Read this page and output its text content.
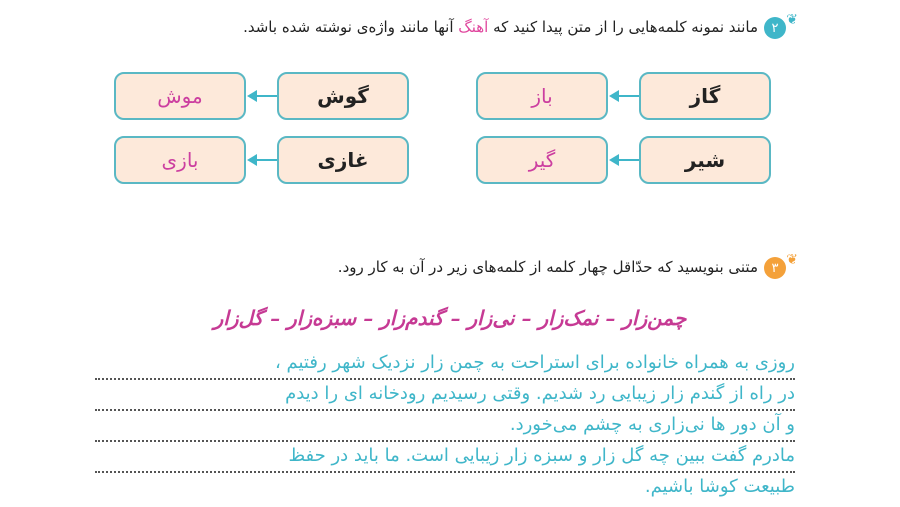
❦
۲
مانند نمونه کلمه‌هایی را از متن پیدا کنید که آهنگ آنها مانند واژه‌ی نوشته شده باشد.
گاز
باز
شیر
گیر
گوش
موش
غازی
بازی
❦
۳
متنی بنویسید که حدّاقل چهار کلمه از کلمه‌های زیر در آن به کار رود.
چمن‌زار – نمک‌زار – نی‌زار – گندم‌زار – سبزه‌زار – گل‌زار
روزی به همراه خانواده برای استراحت به چمن زار نزدیک شهر رفتیم ،
در راه از گندم زار زیبایی رد شدیم. وقتی رسیدیم رودخانه ای را دیدم
و آن دور ها نی‌زاری به چشم می‌خورد.
مادرم گفت ببین چه گل زار و سبزه زار زیبایی است. ما باید در حفظ
طبیعت کوشا باشیم.
